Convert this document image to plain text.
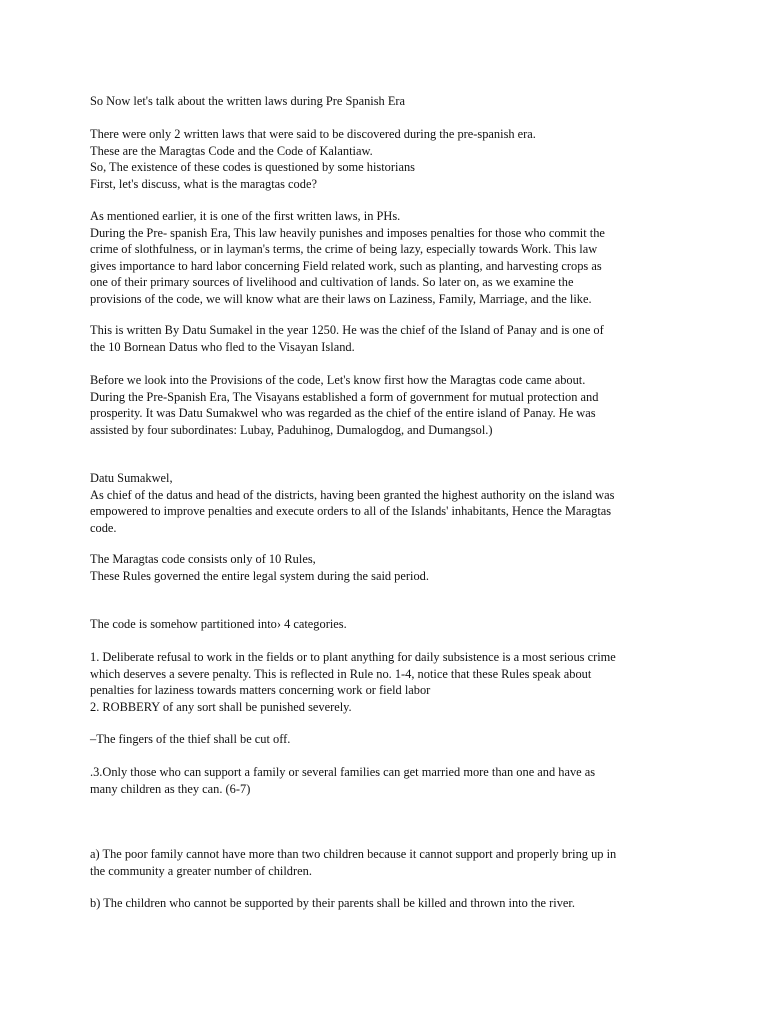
So Now let's talk about the written laws during Pre Spanish Era
There were only 2 written laws that were said to be discovered during the pre-spanish era.
These are the Maragtas Code and the Code of Kalantiaw.
So, The existence of these codes is questioned by some historians
First, let's discuss, what is the maragtas code?
As mentioned earlier, it is one of the first written laws, in PHs.
During the Pre- spanish Era, This law heavily punishes and imposes penalties for those who commit the
crime of slothfulness, or in layman's terms, the crime of being lazy, especially towards Work. This law
gives importance to hard labor concerning Field related work, such as planting, and harvesting crops as
one of their primary sources of livelihood and cultivation of lands. So later on, as we examine the
provisions of the code, we will know what are their laws on Laziness, Family, Marriage, and the like.
This is written By Datu Sumakel in the year 1250. He was the chief of the Island of Panay and is one of
the 10 Bornean Datus who fled to the Visayan Island.
Before we look into the Provisions of the code, Let's know first how the Maragtas code came about.
During the Pre-Spanish Era, The Visayans established a form of government for mutual protection and
prosperity. It was Datu Sumakwel who was regarded as the chief of the entire island of Panay. He was
assisted by four subordinates: Lubay, Paduhinog, Dumalogdog, and Dumangsol.)
Datu Sumakwel,
As chief of the datus and head of the districts, having been granted the highest authority on the island was
empowered to improve penalties and execute orders to all of the Islands' inhabitants, Hence the Maragtas
code.
The Maragtas code consists only of 10 Rules,
These Rules governed the entire legal system during the said period.
The code is somehow partitioned into› 4 categories.
1. Deliberate refusal to work in the fields or to plant anything for daily subsistence is a most serious crime
which deserves a severe penalty. This is reflected in Rule no. 1-4, notice that these Rules speak about
penalties for laziness towards matters concerning work or field labor
2. ROBBERY of any sort shall be punished severely.
–The fingers of the thief shall be cut off.
.3.Only those who can support a family or several families can get married more than one and have as
many children as they can. (6-7)
a) The poor family cannot have more than two children because it cannot support and properly bring up in
the community a greater number of children.
b) The children who cannot be supported by their parents shall be killed and thrown into the river.
